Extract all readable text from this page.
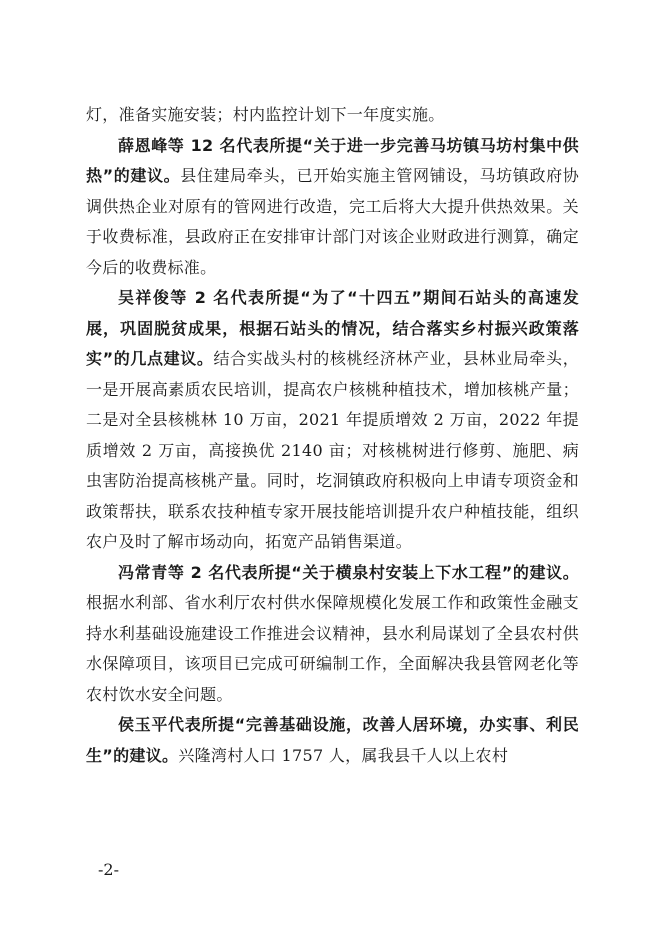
灯，准备实施安装；村内监控计划下一年度实施。

薛恩峰等 12 名代表所提“关于进一步完善马坊镇马坊村集中供热”的建议。县住建局牵头，已开始实施主管网铺设，马坊镇政府协调供热企业对原有的管网进行改造，完工后将大大提升供热效果。关于收费标准，县政府正在安排审计部门对该企业财政进行测算，确定今后的收费标准。

吴祥俊等 2 名代表所提“为了“十四五”期间石站头的高速发展，巩固脱贫成果，根据石站头的情况，结合落实乡村振兴政策落实”的几点建议。结合实战头村的核桃经济林产业，县林业局牵头，一是开展高素质农民培训，提高农户核桃种植技术，增加核桃产量；二是对全县核桃林 10 万亩，2021 年提质增效 2 万亩，2022 年提质增效 2 万亩，高接换优 2140 亩；对核桃树进行修剪、施肥、病虫害防治提高核桃产量。同时，圪洞镇政府积极向上申请专项资金和政策帮扶，联系农技种植专家开展技能培训提升农户种植技能，组织农户及时了解市场动向，拓宽产品销售渠道。

冯常青等 2 名代表所提“关于横泉村安装上下水工程”的建议。根据水利部、省水利厅农村供水保障规模化发展工作和政策性金融支持水利基础设施建设工作推进会议精神，县水利局谋划了全县农村供水保障项目，该项目已完成可研编制工作，全面解决我县管网老化等农村饮水安全问题。

侯玉平代表所提“完善基础设施，改善人居环境，办实事、利民生”的建议。兴隆湾村人口 1757 人，属我县千人以上农村

-2-
